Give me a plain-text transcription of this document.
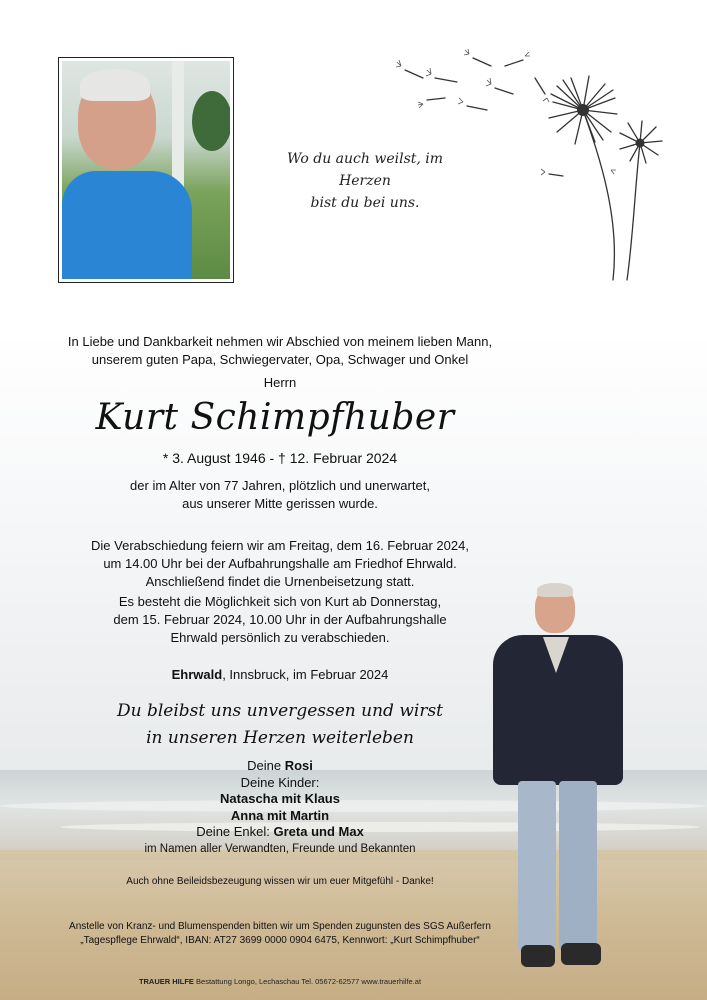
Wo du auch weilst, im Herzen
bist du bei uns.
In Liebe und Dankbarkeit nehmen wir Abschied von meinem lieben Mann,
unserem guten Papa, Schwiegervater, Opa, Schwager und Onkel
Herrn
Kurt Schimpfhuber
* 3. August 1946 - † 12. Februar 2024
der im Alter von 77 Jahren, plötzlich und unerwartet,
aus unserer Mitte gerissen wurde.
Die Verabschiedung feiern wir am Freitag, dem 16. Februar 2024,
um 14.00 Uhr bei der Aufbahrungshalle am Friedhof Ehrwald.
Anschließend findet die Urnenbeisetzung statt.
Es besteht die Möglichkeit sich von Kurt ab Donnerstag,
dem 15. Februar 2024, 10.00 Uhr in der Aufbahrungshalle
Ehrwald persönlich zu verabschieden.
Ehrwald, Innsbruck, im Februar 2024
Du bleibst uns unvergessen und wirst
in unseren Herzen weiterleben
Deine Rosi
Deine Kinder:
Natascha mit Klaus
Anna mit Martin
Deine Enkel: Greta und Max
im Namen aller Verwandten, Freunde und Bekannten
Auch ohne Beileidsbezeugung wissen wir um euer Mitgefühl - Danke!
Anstelle von Kranz- und Blumenspenden bitten wir um Spenden zugunsten des SGS Außerfern
„Tagespflege Ehrwald“, IBAN: AT27 3699 0000 0904 6475, Kennwort: „Kurt Schimpfhuber“
TRAUER HILFE Bestattung Longo, Lechaschau Tel. 05672-62577 www.trauerhilfe.at
